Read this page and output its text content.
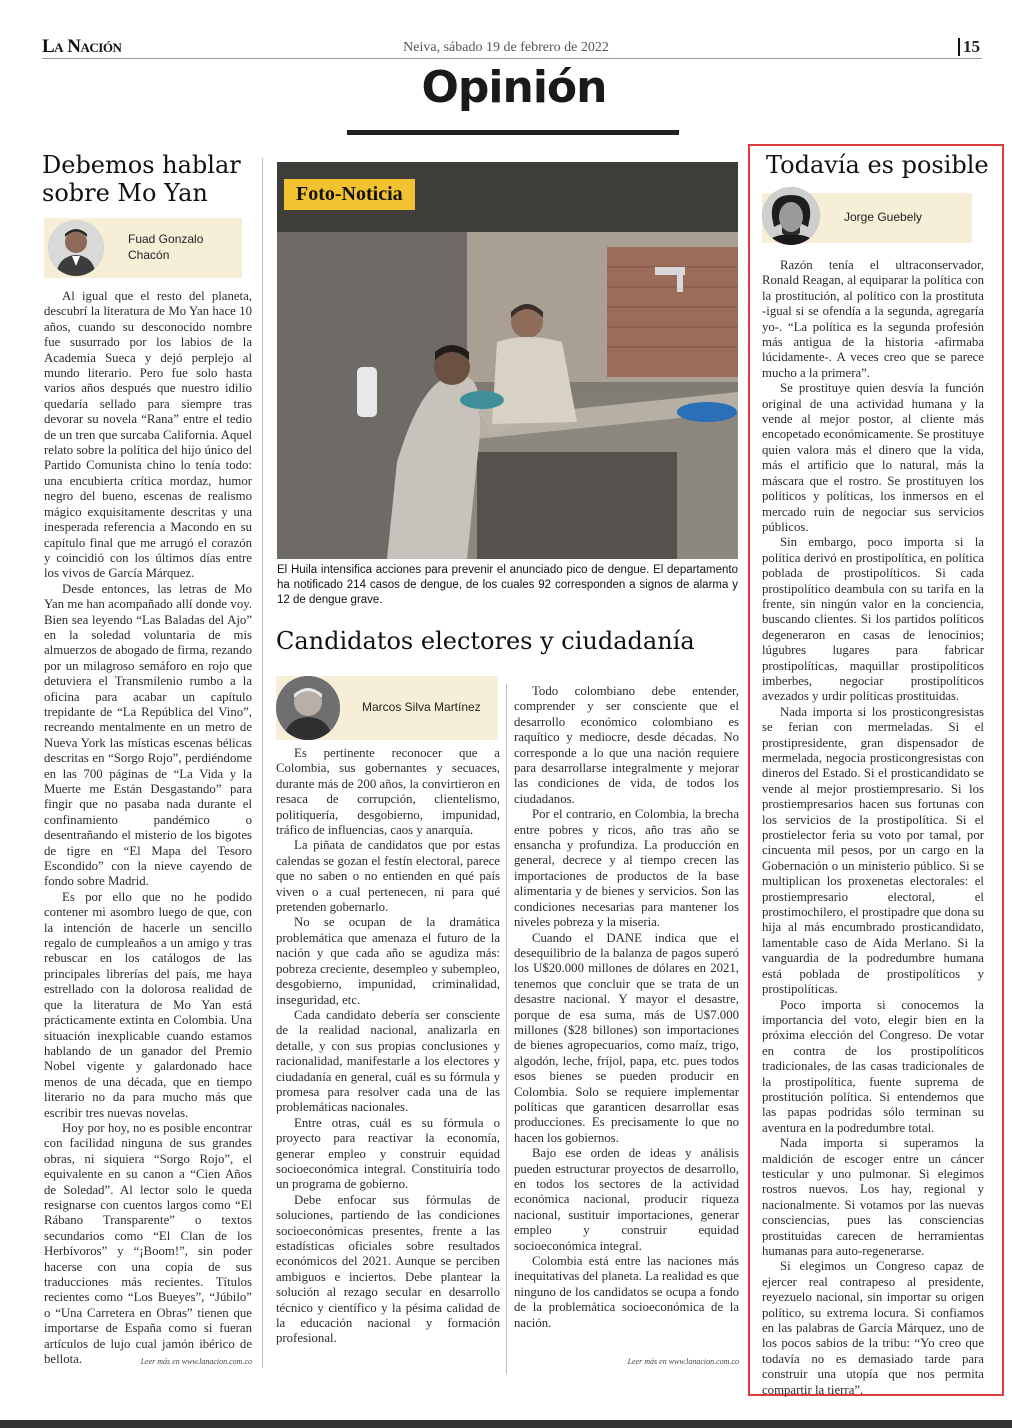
La Nación	Neiva, sábado 19 de febrero de 2022	15
Opinión
Debemos hablar sobre Mo Yan
Fuad Gonzalo Chacón

Al igual que el resto del planeta, descubrí la literatura de Mo Yan hace 10 años, cuando su desconocido nombre fue susurrado por los labios de la Academia Sueca y dejó perplejo al mundo literario. Pero fue solo hasta varios años después que nuestro idilio quedaría sellado para siempre tras devorar su novela “Rana” entre el tedio de un tren que surcaba California. Aquel relato sobre la política del hijo único del Partido Comunista chino lo tenía todo: una encubierta crítica mordaz, humor negro del bueno, escenas de realismo mágico exquisitamente descritas y una inesperada referencia a Macondo en su capítulo final que me arrugó el corazón y coincidió con los últimos días entre los vivos de García Márquez.

Desde entonces, las letras de Mo Yan me han acompañado allí donde voy. Bien sea leyendo “Las Baladas del Ajo” en la soledad voluntaria de mis almuerzos de abogado de firma, rezando por un milagroso semáforo en rojo que detuviera el Transmilenio rumbo a la oficina para acabar un capítulo trepidante de “La República del Vino”, recreando mentalmente en un metro de Nueva York las místicas escenas bélicas descritas en “Sorgo Rojo”, perdiéndome en las 700 páginas de “La Vida y la Muerte me Están Desgastando” para fingir que no pasaba nada durante el confinamiento pandémico o desentrañando el misterio de los bigotes de tigre en “El Mapa del Tesoro Escondido” con la nieve cayendo de fondo sobre Madrid.

Es por ello que no he podido contener mi asombro luego de que, con la intención de hacerle un sencillo regalo de cumpleaños a un amigo y tras rebuscar en los catálogos de las principales librerías del país, me haya estrellado con la dolorosa realidad de que la literatura de Mo Yan está prácticamente extinta en Colombia. Una situación inexplicable cuando estamos hablando de un ganador del Premio Nobel vigente y galardonado hace menos de una década, que en tiempo literario no da para mucho más que escribir tres nuevas novelas.

Hoy por hoy, no es posible encontrar con facilidad ninguna de sus grandes obras, ni siquiera “Sorgo Rojo”, el equivalente en su canon a “Cien Años de Soledad”. Al lector solo le queda resignarse con cuentos largos como “El Rábano Transparente” o textos secundarios como “El Clan de los Herbívoros” y “¡Boom!”, sin poder hacerse con una copia de sus traducciones más recientes. Títulos recientes como “Los Bueyes”, “Júbilo” o “Una Carretera en Obras” tienen que importarse de España como si fueran artículos de lujo cual jamón ibérico de bellota.	Leer más en www.lanacion.com.co
Foto-Noticia
El Huila intensifica acciones para prevenir el anunciado pico de dengue. El departamento ha notificado 214 casos de dengue, de los cuales 92 corresponden a signos de alarma y 12 de dengue grave.
Candidatos electores y ciudadanía
Marcos Silva Martínez

Es pertinente reconocer que a Colombia, sus gobernantes y secuaces, durante más de 200 años, la convirtieron en resaca de corrupción, clientelismo, politiquería, desgobierno, impunidad, tráfico de influencias, caos y anarquía.

La piñata de candidatos que por estas calendas se gozan el festín electoral, parece que no saben o no entienden en qué país viven o a cual pertenecen, ni para qué pretenden gobernarlo.

No se ocupan de la dramática problemática que amenaza el futuro de la nación y que cada año se agudiza más: pobreza creciente, desempleo y subempleo, desgobierno, impunidad, criminalidad, inseguridad, etc.

Cada candidato debería ser consciente de la realidad nacional, analizarla en detalle, y con sus propias conclusiones y racionalidad, manifestarle a los electores y ciudadanía en general, cuál es su fórmula y promesa para resolver cada una de las problemáticas nacionales.

Entre otras, cuál es su fórmula o proyecto para reactivar la economía, generar empleo y construir equidad socioeconómica integral. Constituiría todo un programa de gobierno.

Debe enfocar sus fórmulas de soluciones, partiendo de las condiciones socioeconómicas presentes, frente a las estadísticas oficiales sobre resultados económicos del 2021. Aunque se perciben ambiguos e inciertos. Debe plantear la solución al rezago secular en desarrollo técnico y científico y la pésima calidad de la educación nacional y formación profesional.

Todo colombiano debe entender, comprender y ser consciente que el desarrollo económico colombiano es raquítico y mediocre, desde décadas. No corresponde a lo que una nación requiere para desarrollarse integralmente y mejorar las condiciones de vida, de todos los ciudadanos.

Por el contrario, en Colombia, la brecha entre pobres y ricos, año tras año se ensancha y profundiza. La producción en general, decrece y al tiempo crecen las importaciones de productos de la base alimentaria y de bienes y servicios. Son las condiciones necesarias para mantener los niveles pobreza y la miseria.

Cuando el DANE indica que el desequilibrio de la balanza de pagos superó los U$20.000 millones de dólares en 2021, tenemos que concluir que se trata de un desastre nacional. Y mayor el desastre, porque de esa suma, más de U$7.000 millones ($28 billones) son importaciones de bienes agropecuarios, como maíz, trigo, algodón, leche, fríjol, papa, etc. pues todos esos bienes se pueden producir en Colombia. Solo se requiere implementar políticas que garanticen desarrollar esas producciones. Es precisamente lo que no hacen los gobiernos.

Bajo ese orden de ideas y análisis pueden estructurar proyectos de desarrollo, en todos los sectores de la actividad económica nacional, producir riqueza nacional, sustituir importaciones, generar empleo y construir equidad socioeconómica integral.

Colombia está entre las naciones más inequitativas del planeta. La realidad es que ninguno de los candidatos se ocupa a fondo de la problemática socioeconómica de la nación.

Leer más en www.lanacion.com.co
Todavía es posible
Jorge Guebely

Razón tenía el ultraconservador, Ronald Reagan, al equiparar la política con la prostitución, al político con la prostituta -igual si se ofendía a la segunda, agregaría yo-. “La política es la segunda profesión más antigua de la historia -afirmaba lúcidamente-. A veces creo que se parece mucho a la primera”.

Se prostituye quien desvía la función original de una actividad humana y la vende al mejor postor, al cliente más encopetado económicamente. Se prostituye quien valora más el dinero que la vida, más el artificio que lo natural, más la máscara que el rostro. Se prostituyen los políticos y políticas, los inmersos en el mercado ruin de negociar sus servicios públicos.

Sin embargo, poco importa si la política derivó en prostipolítica, en política poblada de prostipolíticos. Si cada prostipolítico deambula con su tarifa en la frente, sin ningún valor en la conciencia, buscando clientes. Si los partidos políticos degeneraron en casas de lenocinios; lúgubres lugares para fabricar prostipolíticas, maquillar prostipolíticos imberbes, negociar prostipolíticos avezados y urdir políticas prostituidas.

Nada importa si los prosticongresistas se ferian con mermeladas. Si el prostipresidente, gran dispensador de mermelada, negocia prosticongresistas con dineros del Estado. Si el prosticandidato se vende al mejor prostiempresario. Si los prostiempresarios hacen sus fortunas con los servicios de la prostipolítica. Si el prostielector feria su voto por tamal, por cincuenta mil pesos, por un cargo en la Gobernación o un ministerio público. Si se multiplican los proxenetas electorales: el prostiempresario electoral, el prostimochilero, el prostipadre que dona su hija al más encumbrado prosticandidato, lamentable caso de Aida Merlano. Si la vanguardia de la podredumbre humana está poblada de prostipolíticos y prostipolíticas.

Poco importa si conocemos la importancia del voto, elegir bien en la próxima elección del Congreso. De votar en contra de los prostipolíticos tradicionales, de las casas tradicionales de la prostipolítica, fuente suprema de prostitución política. Si entendemos que las papas podridas sólo terminan su aventura en la podredumbre total.

Nada importa si superamos la maldición de escoger entre un cáncer testicular y uno pulmonar. Si elegimos rostros nuevos. Los hay, regional y nacionalmente. Si votamos por las nuevas consciencias, pues las consciencias prostituidas carecen de herramientas humanas para auto-regenerarse.

Si elegimos un Congreso capaz de ejercer real contrapeso al presidente, reyezuelo nacional, sin importar su origen político, su extrema locura. Si confiamos en las palabras de García Márquez, uno de los pocos sabios de la tribu: “Yo creo que todavía no es demasiado tarde para construir una utopía que nos permita compartir la tierra”.
